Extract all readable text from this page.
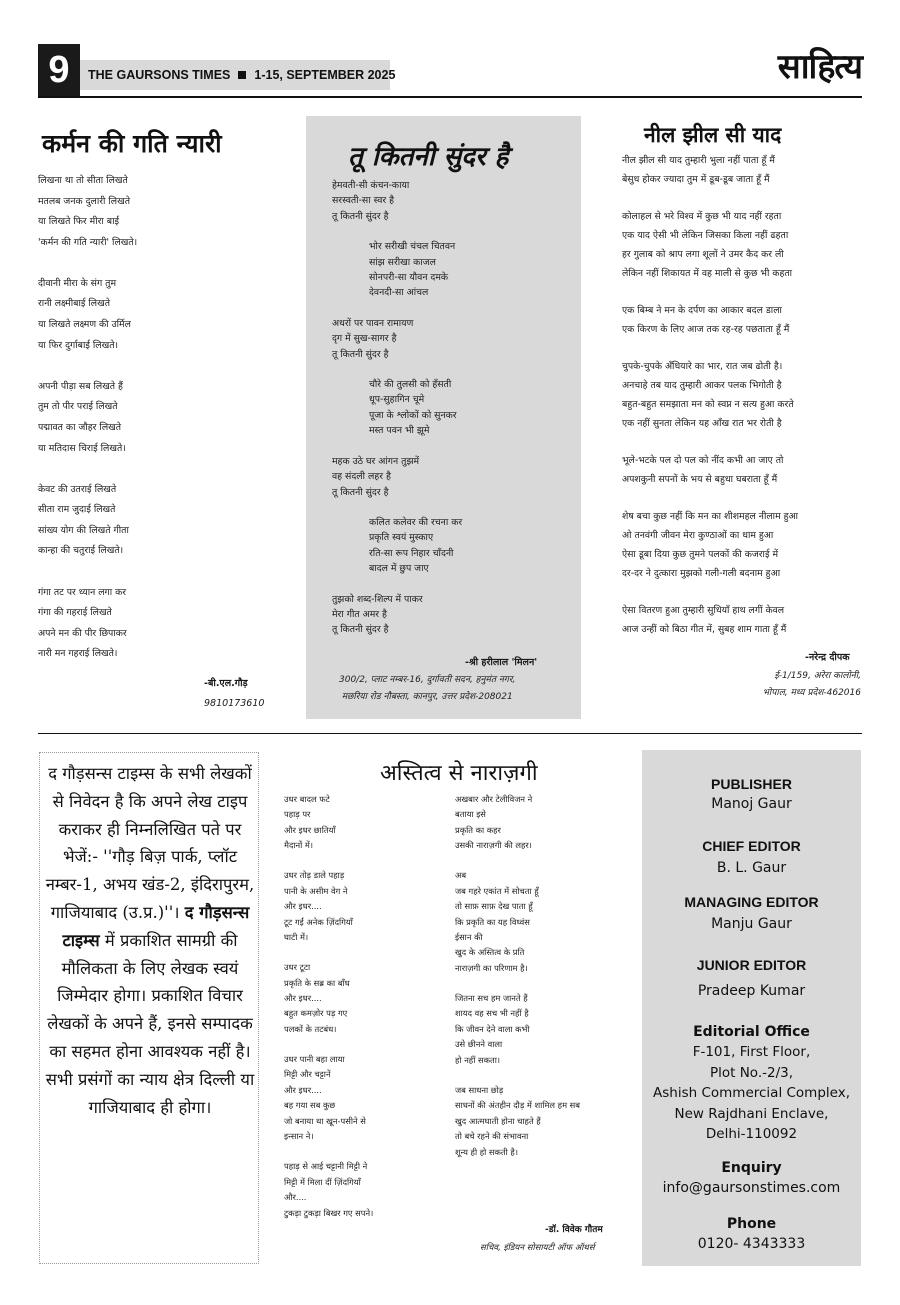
9	THE GAURSONS TIMES 1-15, SEPTEMBER 2025	साहित्य
कर्मन की गति न्यारी
लिखना था तो सीता लिखते
मतलब जनक दुलारी लिखते
या लिखते फिर मीरा बाई
'कर्मन की गति न्यारी' लिखते।
दीवानी मीरा के संग तुम
रानी लक्ष्मीबाई लिखते
या लिखते लक्ष्मण की उर्मिल
या फिर दुर्गाबाई लिखते।
अपनी पीड़ा सब लिखते हैं
तुम तो पीर पराई लिखते
पद्मावत का जौहर लिखते
या मतिदास चिराई लिखते।
केवट की उतराई लिखते
सीता राम जुदाई लिखते
सांख्य योग की लिखते गीता
कान्हा की चतुराई लिखते।
गंगा तट पर ध्यान लगा कर
गंगा की गहराई लिखते
अपने मन की पीर छिपाकर
नारी मन गहराई लिखते।
-बी.एल.गौड़
9810173610
तू कितनी सुंदर है
हेमवती-सी कंचन-काया
सरस्वती-सा स्वर है
तू कितनी सुंदर है
भोर सरीखी चंचल चितवन
सांझ सरीखा काजल
सोनपरी-सा यौवन दमके
देवनदी-सा आंचल
अधरों पर पावन रामायण
दृग में सुख-सागर है
तू कितनी सुंदर है
चौरे की तुलसी को हँसती
धूप-सुहागिन चूमे
पूजा के श्लोकों को सुनकर
मस्त पवन भी झूमे
महक उठे घर आंगन तुझमें
वह संदली लहर है
तू कितनी सुंदर है
कलित कलेवर की रचना कर
प्रकृति स्वयं मुस्काए
रति-सा रूप निहार चाँदनी
बादल में छुप जाए
तुझको शब्द-शिल्प में पाकर
मेरा गीत अमर है
तू कितनी सुंदर है
-श्री हरीलाल 'मिलन'
300/2, प्लाट नम्बर-16, दुर्गावती सदन, हनुमंत नगर,
मछरिया रोड नौबस्ता, कानपुर, उत्तर प्रदेश-208021
नील झील सी याद
नील झील सी याद तुम्हारी भुला नहीं पाता हूँ मैं
बेसुध होकर ज्यादा तुम में डूब-डूब जाता हूँ मैं
कोलाहल से भरे विश्व में कुछ भी याद नहीं रहता
एक याद ऐसी भी लेकिन जिसका किला नहीं ढहता
हर गुलाब को श्राप लगा शूलों ने उमर कैद कर ली
लेकिन नहीं शिकायत में वह माली से कुछ भी कहता
एक बिम्ब ने मन के दर्पण का आकार बदल डाला
एक किरण के लिए आज तक रह-रह पछताता हूँ मैं
चुपके-चुपके अँधियारे का भार, रात जब ढोती है।
अनचाहे तब याद तुम्हारी आकर पलक भिगोती है
बहुत-बहुत समझाता मन को स्वप्न न सत्य हुआ करते
एक नहीं सुनता लेकिन यह आँख रात भर रोती है
भूले-भटके पल दो पल को नींद कभी आ जाए तो
अपशकुनी सपनों के भय से बहुधा घबराता हूँ मैं
शेष बचा कुछ नहीं कि मन का शीशमहल नीलाम हुआ
ओ तनवंगी जीवन मेरा कुण्ठाओं का धाम हुआ
ऐसा डूबा दिया कुछ तुमने पलकों की कजराई में
दर-दर ने दुत्कारा मुझको गली-गली बदनाम हुआ
ऐसा वितरण हुआ तुम्हारी सुधियाँ हाथ लगीं केवल
आज उन्हीं को बिठा गीत में, सुबह शाम गाता हूँ मैं
-नरेन्द्र दीपक
ई-1/159, अरेरा कालोनी,
भोपाल, मध्य प्रदेश-462016
द गौड़सन्स टाइम्स के सभी लेखकों से निवेदन है कि अपने लेख टाइप कराकर ही निम्नलिखित पते पर भेजें:- ''गौड़ बिज़ पार्क, प्लॉट नम्बर-1, अभय खंड-2, इंदिरापुरम, गाजियाबाद (उ.प्र.)''। द गौड़सन्स टाइम्स में प्रकाशित सामग्री की मौलिकता के लिए लेखक स्वयं जिम्मेदार होगा। प्रकाशित विचार लेखकों के अपने हैं, इनसे सम्पादक का सहमत होना आवश्यक नहीं है। सभी प्रसंगों का न्याय क्षेत्र दिल्ली या गाजियाबाद ही होगा।
अस्तित्व से नाराज़गी
उधर बादल फटे
पहाड़ पर
और इधर छातियाँ
मैदानों में।
उधर तोड़ डाले पहाड़
पानी के असीम वेग ने
और इधर....
टूट गईं अनेक ज़िंदगियाँ
घाटी में।
उधर टूटा
प्रकृति के सब्र का बाँध
और इधर....
बहुत कमज़ोर पड़ गए
पलकों के तटबंध।
उधर पानी बहा लाया
मिट्टी और चट्टानें
और इधर....
बह गया सब कुछ
जो बनाया था खून-पसीने से
इन्सान ने।
पहाड़ से आई चट्टानी मिट्टी ने
मिट्टी में मिला दीं ज़िंदगियाँ
और....
टुकड़ा टुकड़ा बिखर गए सपने।
अखबार और टेलीविजन ने
बताया इसे
प्रकृति का कहर
उसकी नाराज़गी की लहर।
अब
जब गहरे एकांत में सोचता हूँ
तो साफ़ साफ़ देख पाता हूँ
कि प्रकृति का यह विध्वंस
ईसान की
खुद के अस्तित्व के प्रति
नाराज़गी का परिणाम है।
जितना सच हम जानते हैं
शायद वह सच भी नहीं है
कि जीवन देने वाला कभी
उसे छीनने वाला
हो नहीं सकता।
जब साधना छोड़
साधनों की अंतहीन दौड़ में शामिल हम सब
खुद आत्मघाती होना चाहते हैं
तो बचे रहने की संभावना
शून्य ही हो सकती है।
-डॉ. विवेक गौतम
सचिव, इंडियन सोसायटी ऑफ ऑथर्स
PUBLISHER
Manoj Gaur
CHIEF EDITOR
B. L. Gaur
MANAGING EDITOR
Manju Gaur
JUNIOR EDITOR
Pradeep Kumar
Editorial Office
F-101, First Floor,
Plot No.-2/3,
Ashish Commercial Complex,
New Rajdhani Enclave,
Delhi-110092
Enquiry
info@gaursonstimes.com
Phone
0120- 4343333
